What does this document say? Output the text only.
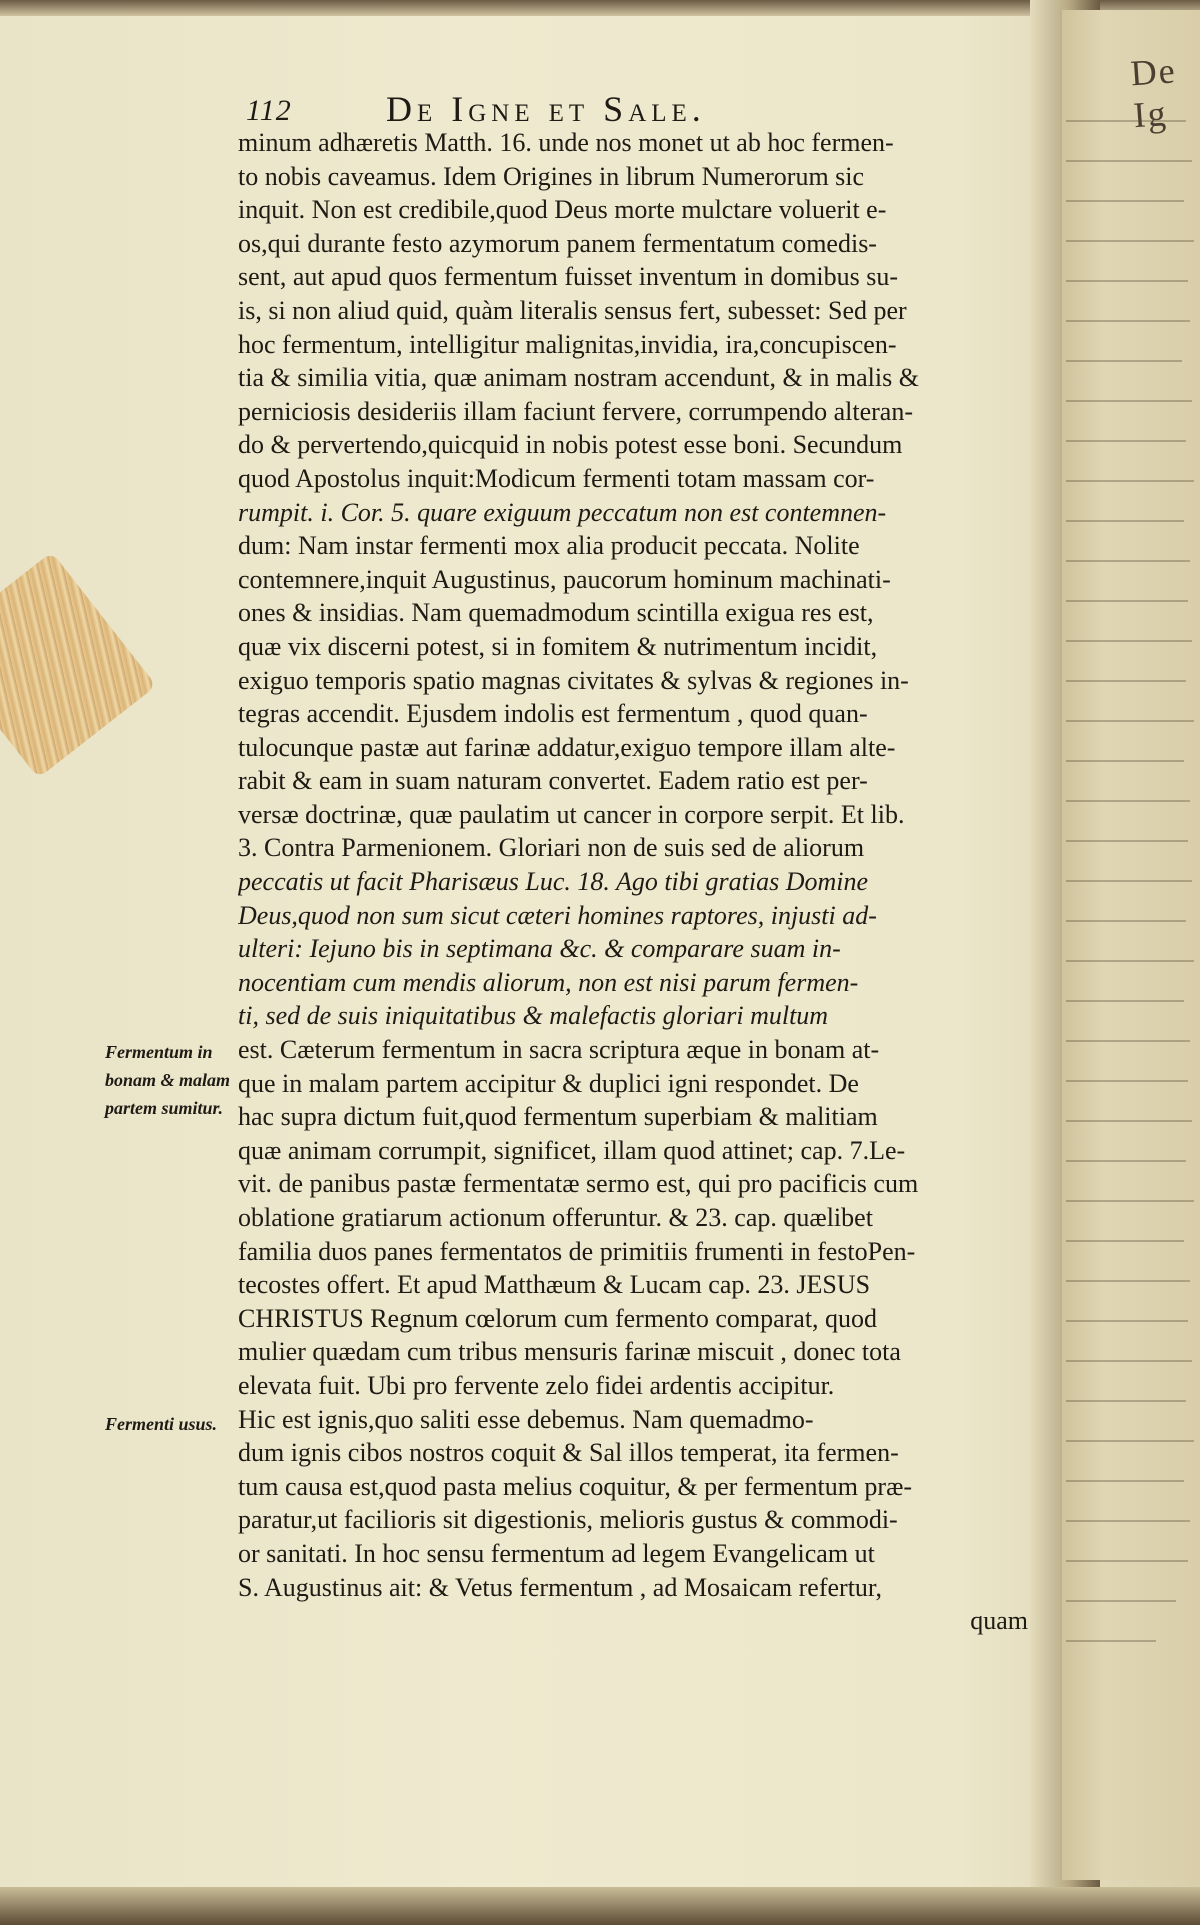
De Ig
112	De Igne et Sale.
Fermentum in bonam & malam partem sumitur.
Fermenti usus.
minum adhæretis Matth. 16. unde nos monet ut ab hoc fermen-
to nobis caveamus. Idem Origines in librum Numerorum sic
inquit. Non est credibile,quod Deus morte mulctare voluerit e-
os,qui durante festo azymorum panem fermentatum comedis-
sent, aut apud quos fermentum fuisset inventum in domibus su-
is, si non aliud quid, quàm literalis sensus fert, subesset: Sed per
hoc fermentum, intelligitur malignitas,invidia, ira,concupiscen-
tia & similia vitia, quæ animam nostram accendunt, & in malis &
perniciosis desideriis illam faciunt fervere, corrumpendo alteran-
do & pervertendo,quicquid in nobis potest esse boni. Secundum
quod Apostolus inquit:Modicum fermenti totam massam cor-
rumpit. i. Cor. 5. quare exiguum peccatum non est contemnen-
dum: Nam instar fermenti mox alia producit peccata. Nolite
contemnere,inquit Augustinus, paucorum hominum machinati-
ones & insidias. Nam quemadmodum scintilla exigua res est,
quæ vix discerni potest, si in fomitem & nutrimentum incidit,
exiguo temporis spatio magnas civitates & sylvas & regiones in-
tegras accendit. Ejusdem indolis est fermentum , quod quan-
tulocunque pastæ aut farinæ addatur,exiguo tempore illam alte-
rabit & eam in suam naturam convertet. Eadem ratio est per-
versæ doctrinæ, quæ paulatim ut cancer in corpore serpit. Et lib.
3. Contra Parmenionem. Gloriari non de suis sed de aliorum
peccatis ut facit Pharisæus Luc. 18. Ago tibi gratias Domine
Deus,quod non sum sicut cæteri homines raptores, injusti ad-
ulteri: Iejuno bis in septimana &c. & comparare suam in-
nocentiam cum mendis aliorum, non est nisi parum fermen-
ti, sed de suis iniquitatibus & malefactis gloriari multum
est. Cæterum fermentum in sacra scriptura æque in bonam at-
que in malam partem accipitur & duplici igni respondet. De
hac supra dictum fuit,quod fermentum superbiam & malitiam
quæ animam corrumpit, significet, illam quod attinet; cap. 7.Le-
vit. de panibus pastæ fermentatæ sermo est, qui pro pacificis cum
oblatione gratiarum actionum offeruntur. & 23. cap. quælibet
familia duos panes fermentatos de primitiis frumenti in festoPen-
tecostes offert. Et apud Matthæum & Lucam cap. 23. JESUS
CHRISTUS Regnum cœlorum cum fermento comparat, quod
mulier quædam cum tribus mensuris farinæ miscuit , donec tota
elevata fuit. Ubi pro fervente zelo fidei ardentis accipitur.
Hic est ignis,quo saliti esse debemus. Nam quemadmo-
dum ignis cibos nostros coquit & Sal illos temperat, ita fermen-
tum causa est,quod pasta melius coquitur, & per fermentum præ-
paratur,ut facilioris sit digestionis, melioris gustus & commodi-
or sanitati. In hoc sensu fermentum ad legem Evangelicam ut
S. Augustinus ait: & Vetus fermentum , ad Mosaicam refertur,
quam
